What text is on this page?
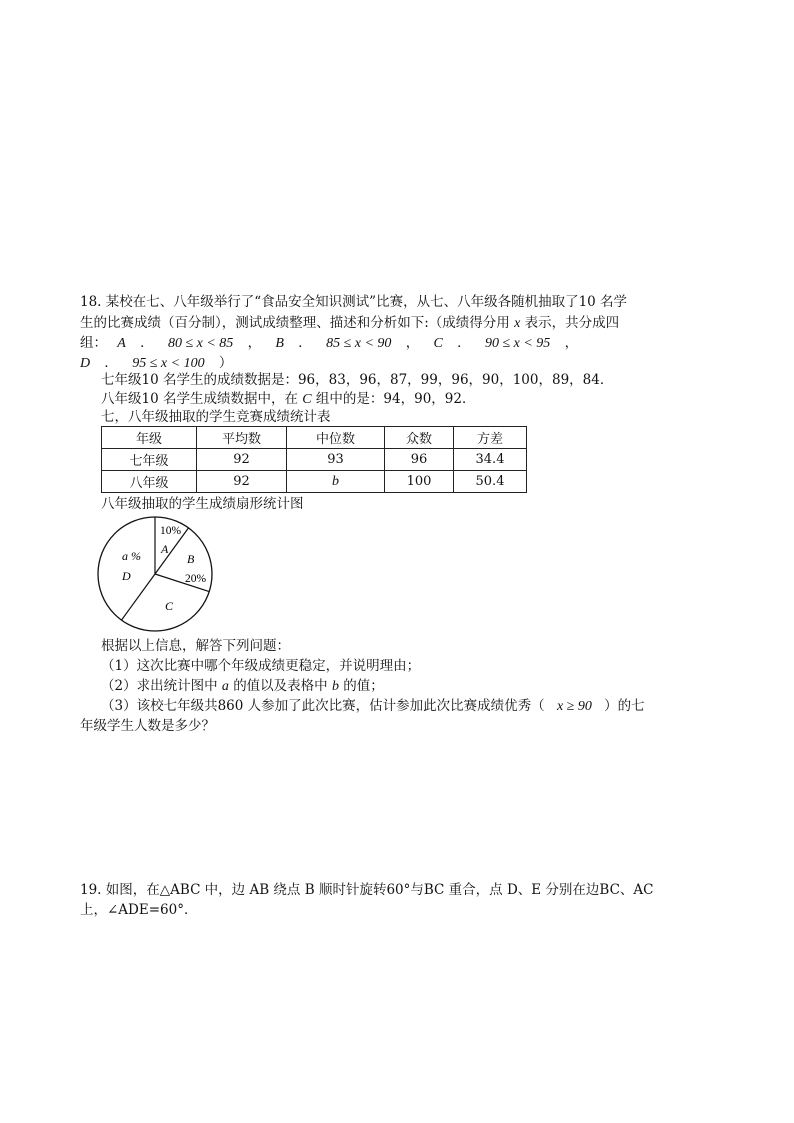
18. 某校在七、八年级举行了“食品安全知识测试”比赛，从七、八年级各随机抽取了10 名学
生的比赛成绩（百分制），测试成绩整理、描述和分析如下:（成绩得分用 x 表示，共分成四
组： A ． 80 ≤ x < 85 ， B ． 85 ≤ x < 90 ， C ． 90 ≤ x < 95 ，
D ． 95 ≤ x < 100 ）
七年级10 名学生的成绩数据是：96，83，96，87，99，96，90，100，89，84．
八年级10 名学生成绩数据中，在 C 组中的是：94，90，92．
七，八年级抽取的学生竞赛成绩统计表
年级	平均数	中位数	众数	方差
七年级	92	93	96	34.4
八年级	92	b	100	50.4
八年级抽取的学生成绩扇形统计图
10%
A
B
20%
C
a %
D
根据以上信息，解答下列问题：
（1）这次比赛中哪个年级成绩更稳定，并说明理由；
（2）求出统计图中 a 的值以及表格中 b 的值；
（3）该校七年级共860 人参加了此次比赛，估计参加此次比赛成绩优秀（ x ≥ 90 ）的七
年级学生人数是多少？
19. 如图，在△ABC 中，边 AB 绕点 B 顺时针旋转60°与BC 重合，点 D、E 分别在边BC、AC
上，∠ADE=60°．
